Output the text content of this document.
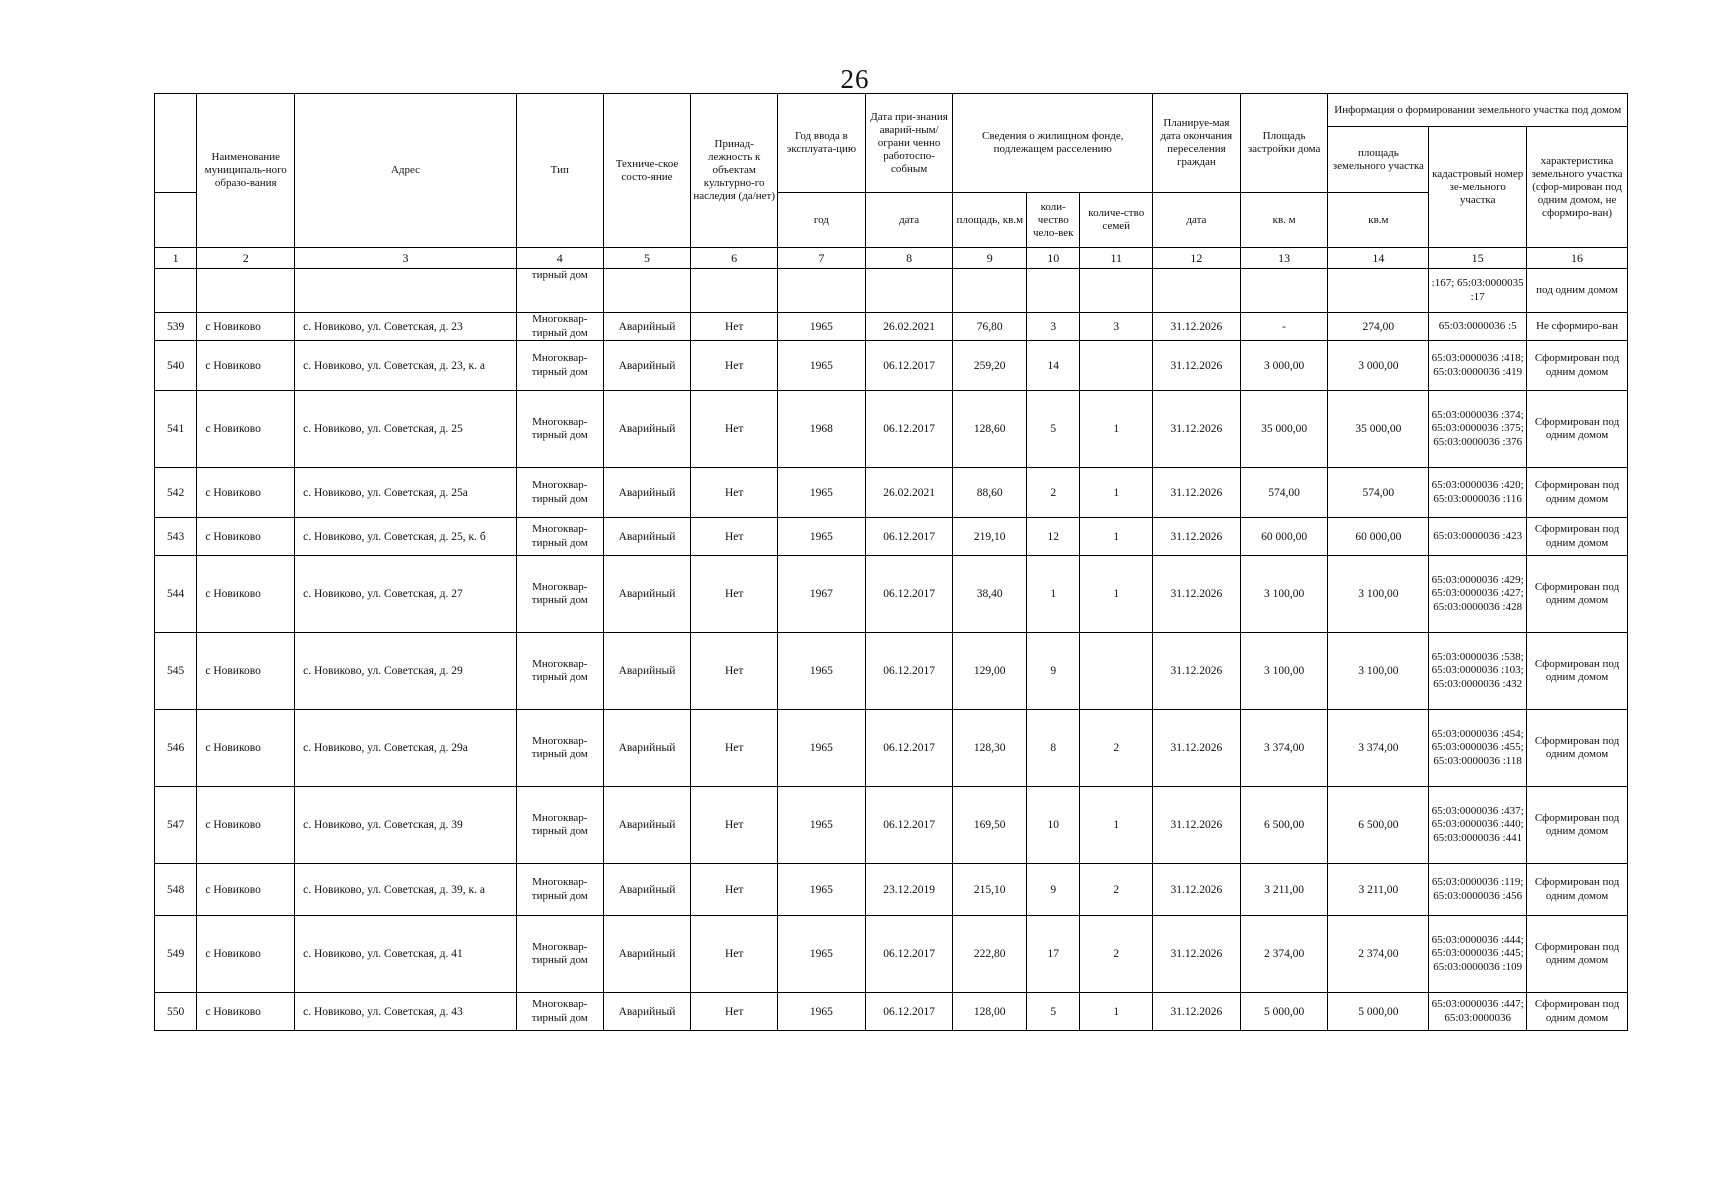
26
	Наименование муниципаль-ного образо-вания	Адрес	Тип	Техниче-ское состо-яние	Принад-лежность к объектам культурно-го наследия (да/нет)	Год ввода в эксплуата-цию	Дата при-знания аварий-ным/ограни ченно работоспо-собным	Сведения о жилищном фонде, подлежащем расселению			Планируе-мая дата окончания переселения граждан	Площадь застройки дома	Информация о формировании земельного участка под домом		
													площадь земельного участка	кадастровый номер зе-мельного участка	характеристика земельного участка (сфор-мирован под одним домом, не сформиро-ван)
						год	дата	площадь, кв.м	коли-чество чело-век	количе-ство семей	дата	кв. м	кв.м		
1	2	3	4	5	6	7	8	9	10	11	12	13	14	15	16
			тирный дом											:167; 65:03:0000035 :17	под одним домом
539	с Новиково	с. Новиково, ул. Советская, д. 23	Многоквар-тирный дом	Аварийный	Нет	1965	26.02.2021	76,80	3	3	31.12.2026	-	274,00	65:03:0000036 :5	Не сформиро-ван
540	с Новиково	с. Новиково, ул. Советская, д. 23, к. а	Многоквар-тирный дом	Аварийный	Нет	1965	06.12.2017	259,20	14		31.12.2026	3 000,00	3 000,00	65:03:0000036 :418; 65:03:0000036 :419	Сформирован под одним домом
541	с Новиково	с. Новиково, ул. Советская, д. 25	Многоквар-тирный дом	Аварийный	Нет	1968	06.12.2017	128,60	5	1	31.12.2026	35 000,00	35 000,00	65:03:0000036 :374; 65:03:0000036 :375; 65:03:0000036 :376	Сформирован под одним домом
542	с Новиково	с. Новиково, ул. Советская, д. 25а	Многоквар-тирный дом	Аварийный	Нет	1965	26.02.2021	88,60	2	1	31.12.2026	574,00	574,00	65:03:0000036 :420; 65:03:0000036 :116	Сформирован под одним домом
543	с Новиково	с. Новиково, ул. Советская, д. 25, к. б	Многоквар-тирный дом	Аварийный	Нет	1965	06.12.2017	219,10	12	1	31.12.2026	60 000,00	60 000,00	65:03:0000036 :423	Сформирован под одним домом
544	с Новиково	с. Новиково, ул. Советская, д. 27	Многоквар-тирный дом	Аварийный	Нет	1967	06.12.2017	38,40	1	1	31.12.2026	3 100,00	3 100,00	65:03:0000036 :429; 65:03:0000036 :427; 65:03:0000036 :428	Сформирован под одним домом
545	с Новиково	с. Новиково, ул. Советская, д. 29	Многоквар-тирный дом	Аварийный	Нет	1965	06.12.2017	129,00	9		31.12.2026	3 100,00	3 100,00	65:03:0000036 :538; 65:03:0000036 :103; 65:03:0000036 :432	Сформирован под одним домом
546	с Новиково	с. Новиково, ул. Советская, д. 29а	Многоквар-тирный дом	Аварийный	Нет	1965	06.12.2017	128,30	8	2	31.12.2026	3 374,00	3 374,00	65:03:0000036 :454; 65:03:0000036 :455; 65:03:0000036 :118	Сформирован под одним домом
547	с Новиково	с. Новиково, ул. Советская, д. 39	Многоквар-тирный дом	Аварийный	Нет	1965	06.12.2017	169,50	10	1	31.12.2026	6 500,00	6 500,00	65:03:0000036 :437; 65:03:0000036 :440; 65:03:0000036 :441	Сформирован под одним домом
548	с Новиково	с. Новиково, ул. Советская, д. 39, к. а	Многоквар-тирный дом	Аварийный	Нет	1965	23.12.2019	215,10	9	2	31.12.2026	3 211,00	3 211,00	65:03:0000036 :119; 65:03:0000036 :456	Сформирован под одним домом
549	с Новиково	с. Новиково, ул. Советская, д. 41	Многоквар-тирный дом	Аварийный	Нет	1965	06.12.2017	222,80	17	2	31.12.2026	2 374,00	2 374,00	65:03:0000036 :444; 65:03:0000036 :445; 65:03:0000036 :109	Сформирован под одним домом
550	с Новиково	с. Новиково, ул. Советская, д. 43	Многоквар-тирный дом	Аварийный	Нет	1965	06.12.2017	128,00	5	1	31.12.2026	5 000,00	5 000,00	65:03:0000036 :447; 65:03:0000036	Сформирован под одним домом
